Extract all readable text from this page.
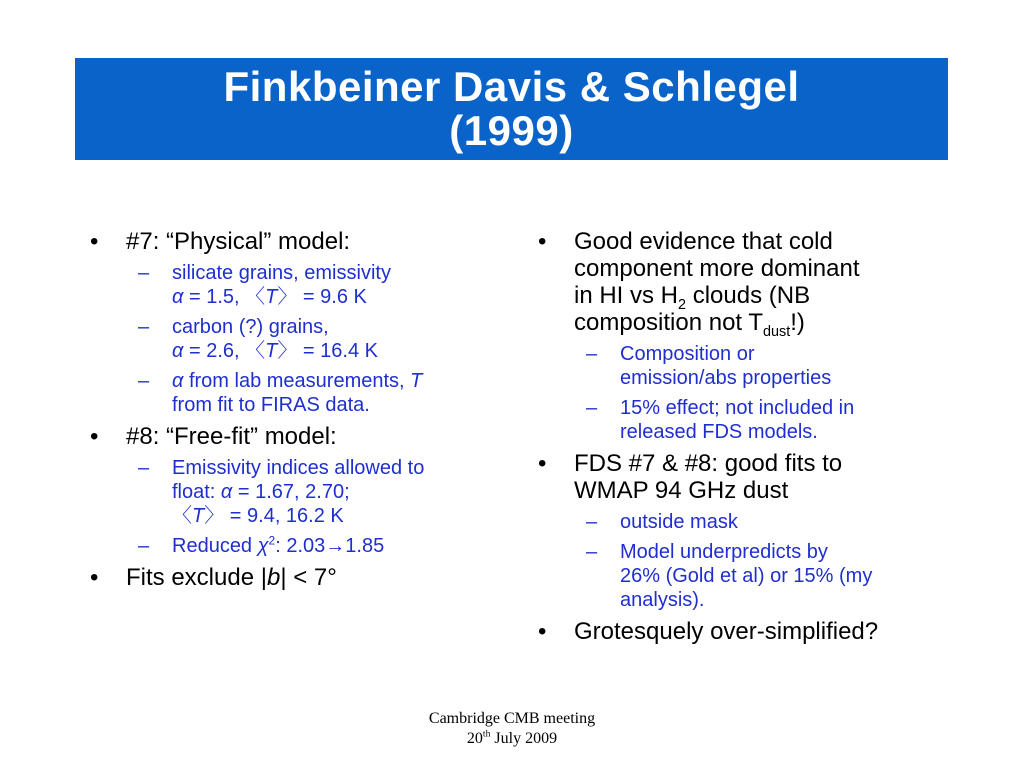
Finkbeiner Davis & Schlegel
(1999)
• #7: “Physical” model:
– silicate grains, emissivity
α = 1.5, 〈T〉 = 9.6 K
– carbon (?) grains,
α = 2.6, 〈T〉 = 16.4 K
– α from lab measurements, T
from fit to FIRAS data.
• #8: “Free-fit” model:
– Emissivity indices allowed to
float: α = 1.67, 2.70;
〈T〉 = 9.4, 16.2 K
– Reduced $\chi^2$: 2.03→1.85
• Fits exclude |b| < 7°
• Good evidence that cold
component more dominant
in HI vs $H_2$ clouds (NB
composition not $T_{dust}$!)
– Composition or
emission/abs properties
– 15% effect; not included in
released FDS models.
• FDS #7 & #8: good fits to
WMAP 94 GHz dust
– outside mask
– Model underpredicts by
26% (Gold et al) or 15% (my
analysis).
• Grotesquely over-simplified?
Cambridge CMB meeting
20th July 2009
